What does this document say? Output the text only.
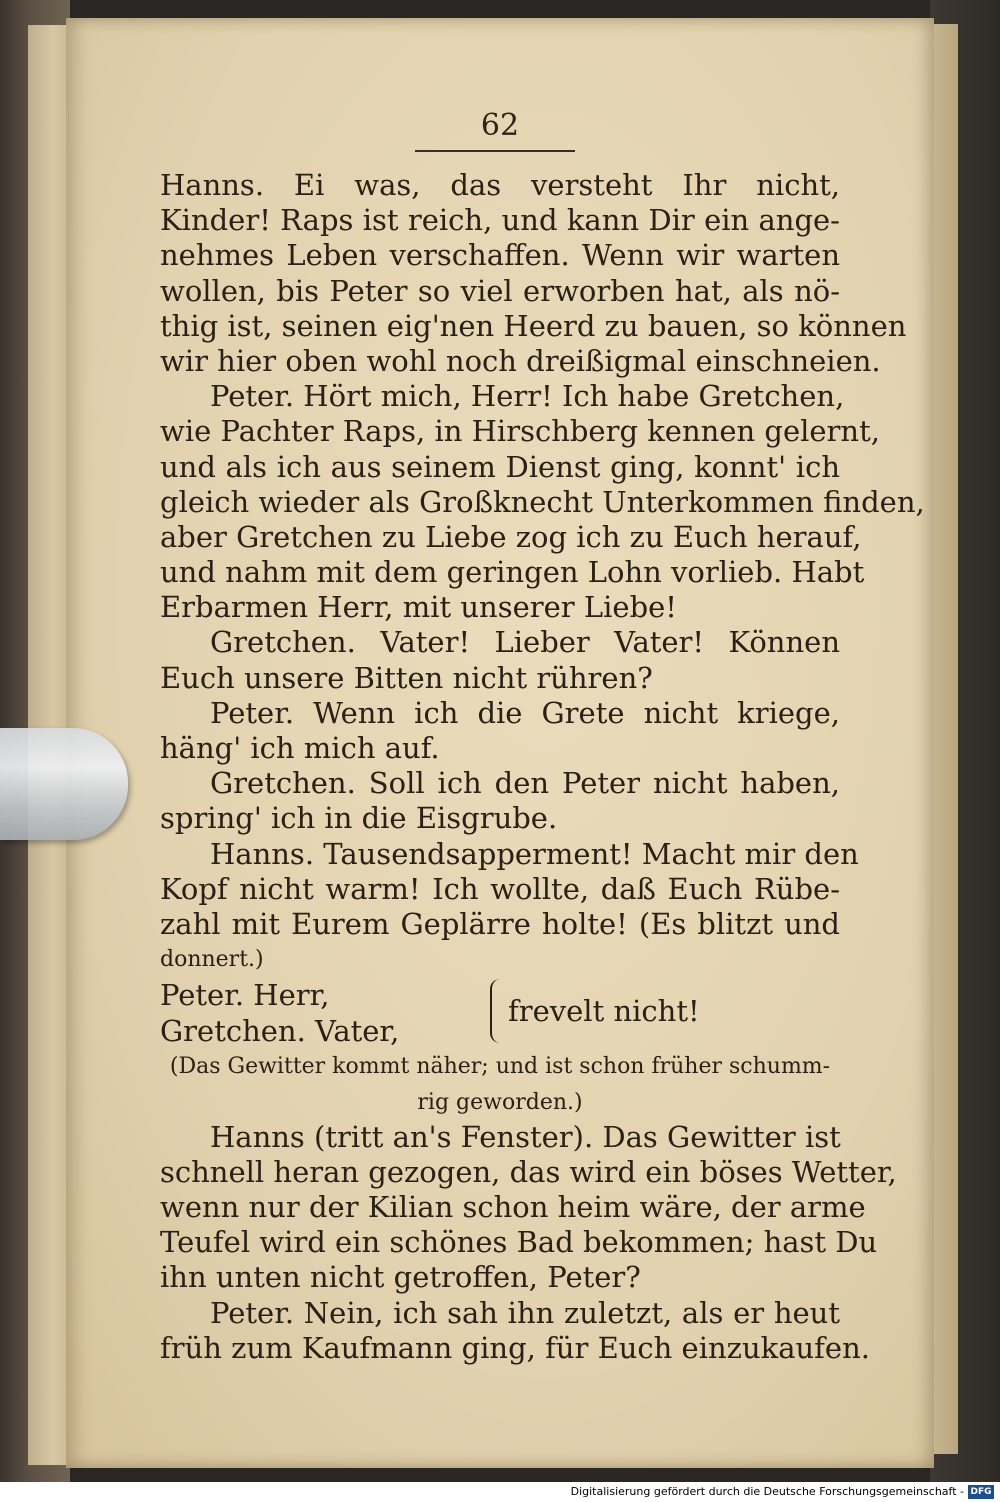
62
Hanns. Ei was, das versteht Ihr nicht,
Kinder! Raps ist reich, und kann Dir ein ange-
nehmes Leben verschaffen. Wenn wir warten
wollen, bis Peter so viel erworben hat, als nö-
thig ist, seinen eig'nen Heerd zu bauen, so können
wir hier oben wohl noch dreißigmal einschneien.
Peter. Hört mich, Herr! Ich habe Gretchen,
wie Pachter Raps, in Hirschberg kennen gelernt,
und als ich aus seinem Dienst ging, konnt' ich
gleich wieder als Großknecht Unterkommen finden,
aber Gretchen zu Liebe zog ich zu Euch herauf,
und nahm mit dem geringen Lohn vorlieb. Habt
Erbarmen Herr, mit unserer Liebe!
Gretchen. Vater! Lieber Vater! Können
Euch unsere Bitten nicht rühren?
Peter. Wenn ich die Grete nicht kriege,
häng' ich mich auf.
Gretchen. Soll ich den Peter nicht haben,
spring' ich in die Eisgrube.
Hanns. Tausendsapperment! Macht mir den
Kopf nicht warm! Ich wollte, daß Euch Rübe-
zahl mit Eurem Geplärre holte! (Es blitzt und
donnert.)
Peter. Herr,
Gretchen. Vater,
frevelt nicht!
(Das Gewitter kommt näher; und ist schon früher schumm-
rig geworden.)
Hanns (tritt an's Fenster). Das Gewitter ist
schnell heran gezogen, das wird ein böses Wetter,
wenn nur der Kilian schon heim wäre, der arme
Teufel wird ein schönes Bad bekommen; hast Du
ihn unten nicht getroffen, Peter?
Peter. Nein, ich sah ihn zuletzt, als er heut
früh zum Kaufmann ging, für Euch einzukaufen.
Digitalisierung gefördert durch die Deutsche Forschungsgemeinschaft - DFG
